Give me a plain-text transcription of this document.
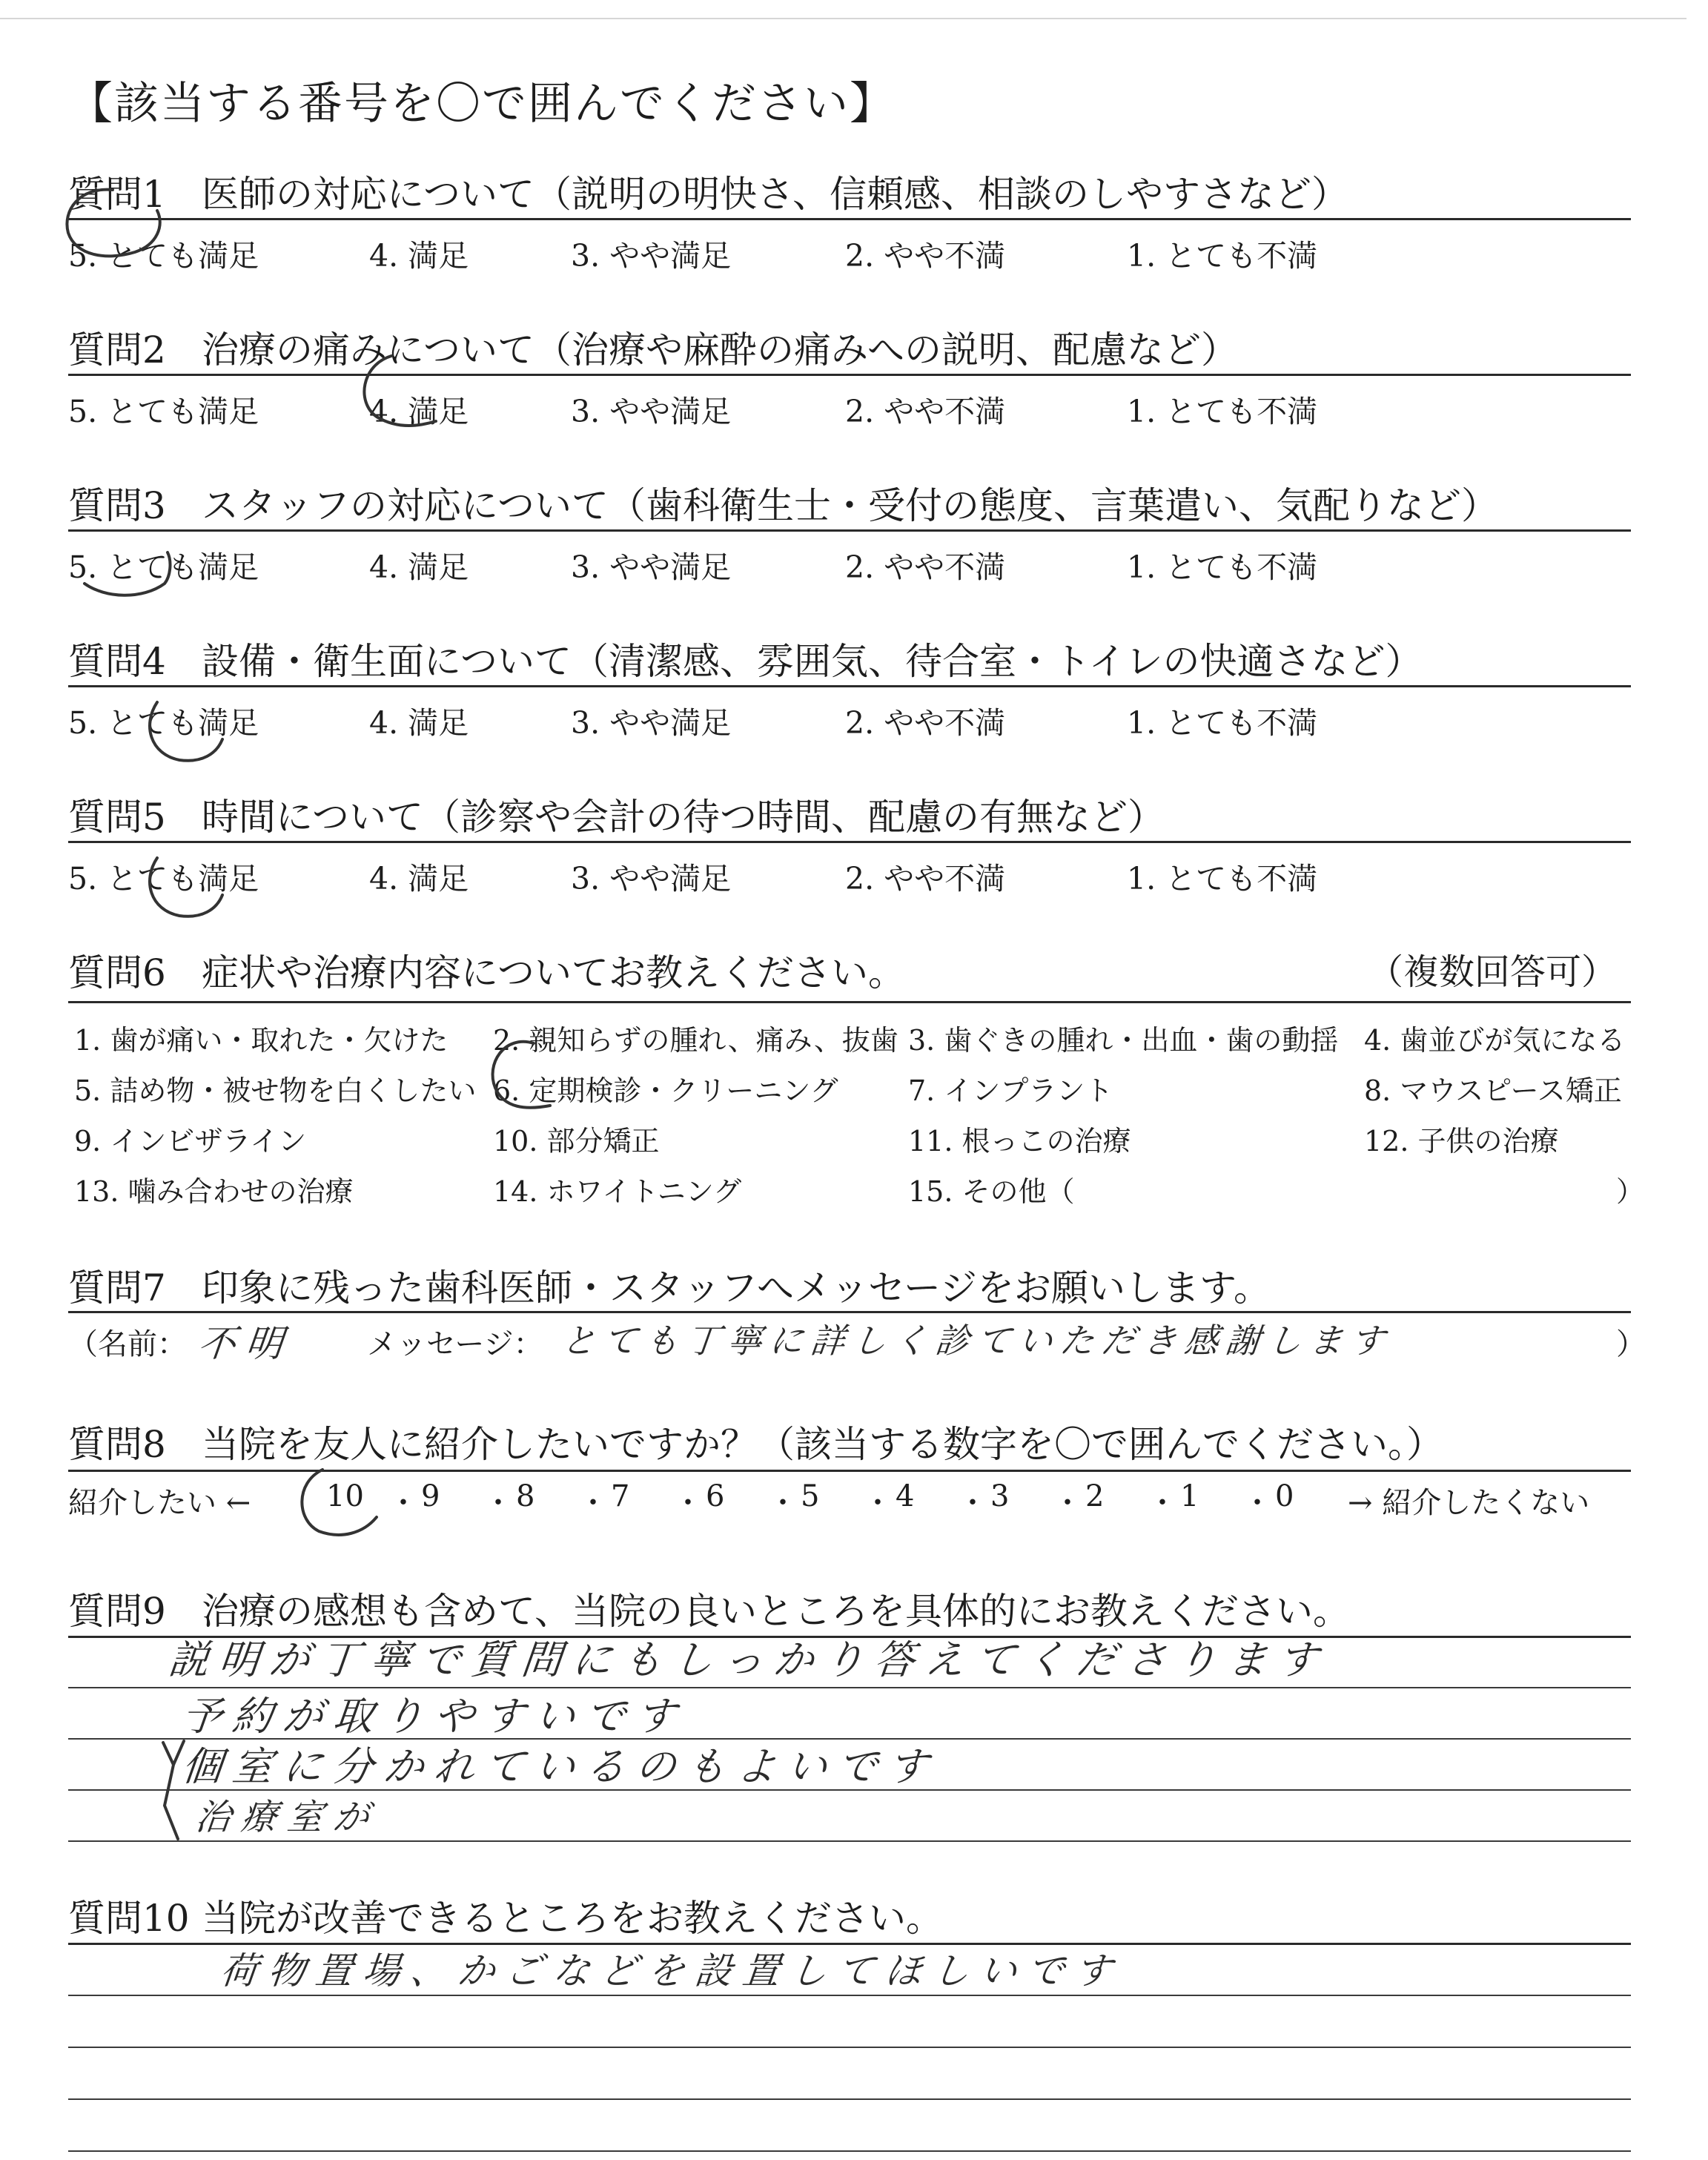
【該当する番号を〇で囲んでください】
質問1 医師の対応について（説明の明快さ、信頼感、相談のしやすさなど）
5. とても満足	4. 満足	3. やや満足	2. やや不満	1. とても不満
質問2 治療の痛みについて（治療や麻酔の痛みへの説明、配慮など）
5. とても満足	4. 満足	3. やや満足	2. やや不満	1. とても不満
質問3 スタッフの対応について（歯科衛生士・受付の態度、言葉遣い、気配りなど）
5. とても満足	4. 満足	3. やや満足	2. やや不満	1. とても不満
質問4 設備・衛生面について（清潔感、雰囲気、待合室・トイレの快適さなど）
5. とても満足	4. 満足	3. やや満足	2. やや不満	1. とても不満
質問5 時間について（診察や会計の待つ時間、配慮の有無など）
5. とても満足	4. 満足	3. やや満足	2. やや不満	1. とても不満
質問6 症状や治療内容についてお教えください。	（複数回答可）
1. 歯が痛い・取れた・欠けた 2. 親知らずの腫れ、痛み、抜歯 3. 歯ぐきの腫れ・出血・歯の動揺 4. 歯並びが気になる
5. 詰め物・被せ物を白くしたい 6. 定期検診・クリーニング 7. インプラント	8. マウスピース矯正
9. インビザライン	10. 部分矯正	11. 根っこの治療	12. 子供の治療
13. 噛み合わせの治療	14. ホワイトニング	15. その他（	）
質問7 印象に残った歯科医師・スタッフへメッセージをお願いします。
（名前： 不明 メッセージ： とても丁寧に詳しく診ていただき感謝します	）
質問8 当院を友人に紹介したいですか？（該当する数字を〇で囲んでください。）
紹介したい ←	10 ・ 9 ・ 8 ・ 7 ・ 6 ・ 5 ・ 4 ・ 3 ・ 2 ・ 1 ・ 0 → 紹介したくない
質問9 治療の感想も含めて、当院の良いところを具体的にお教えください。
説明が丁寧で質問にもしっかり答えてくださります
予約が取りやすいです
個室に分かれているのもよいです
治療室が
質問10 当院が改善できるところをお教えください。
荷物置場、かごなどを設置してほしいです
